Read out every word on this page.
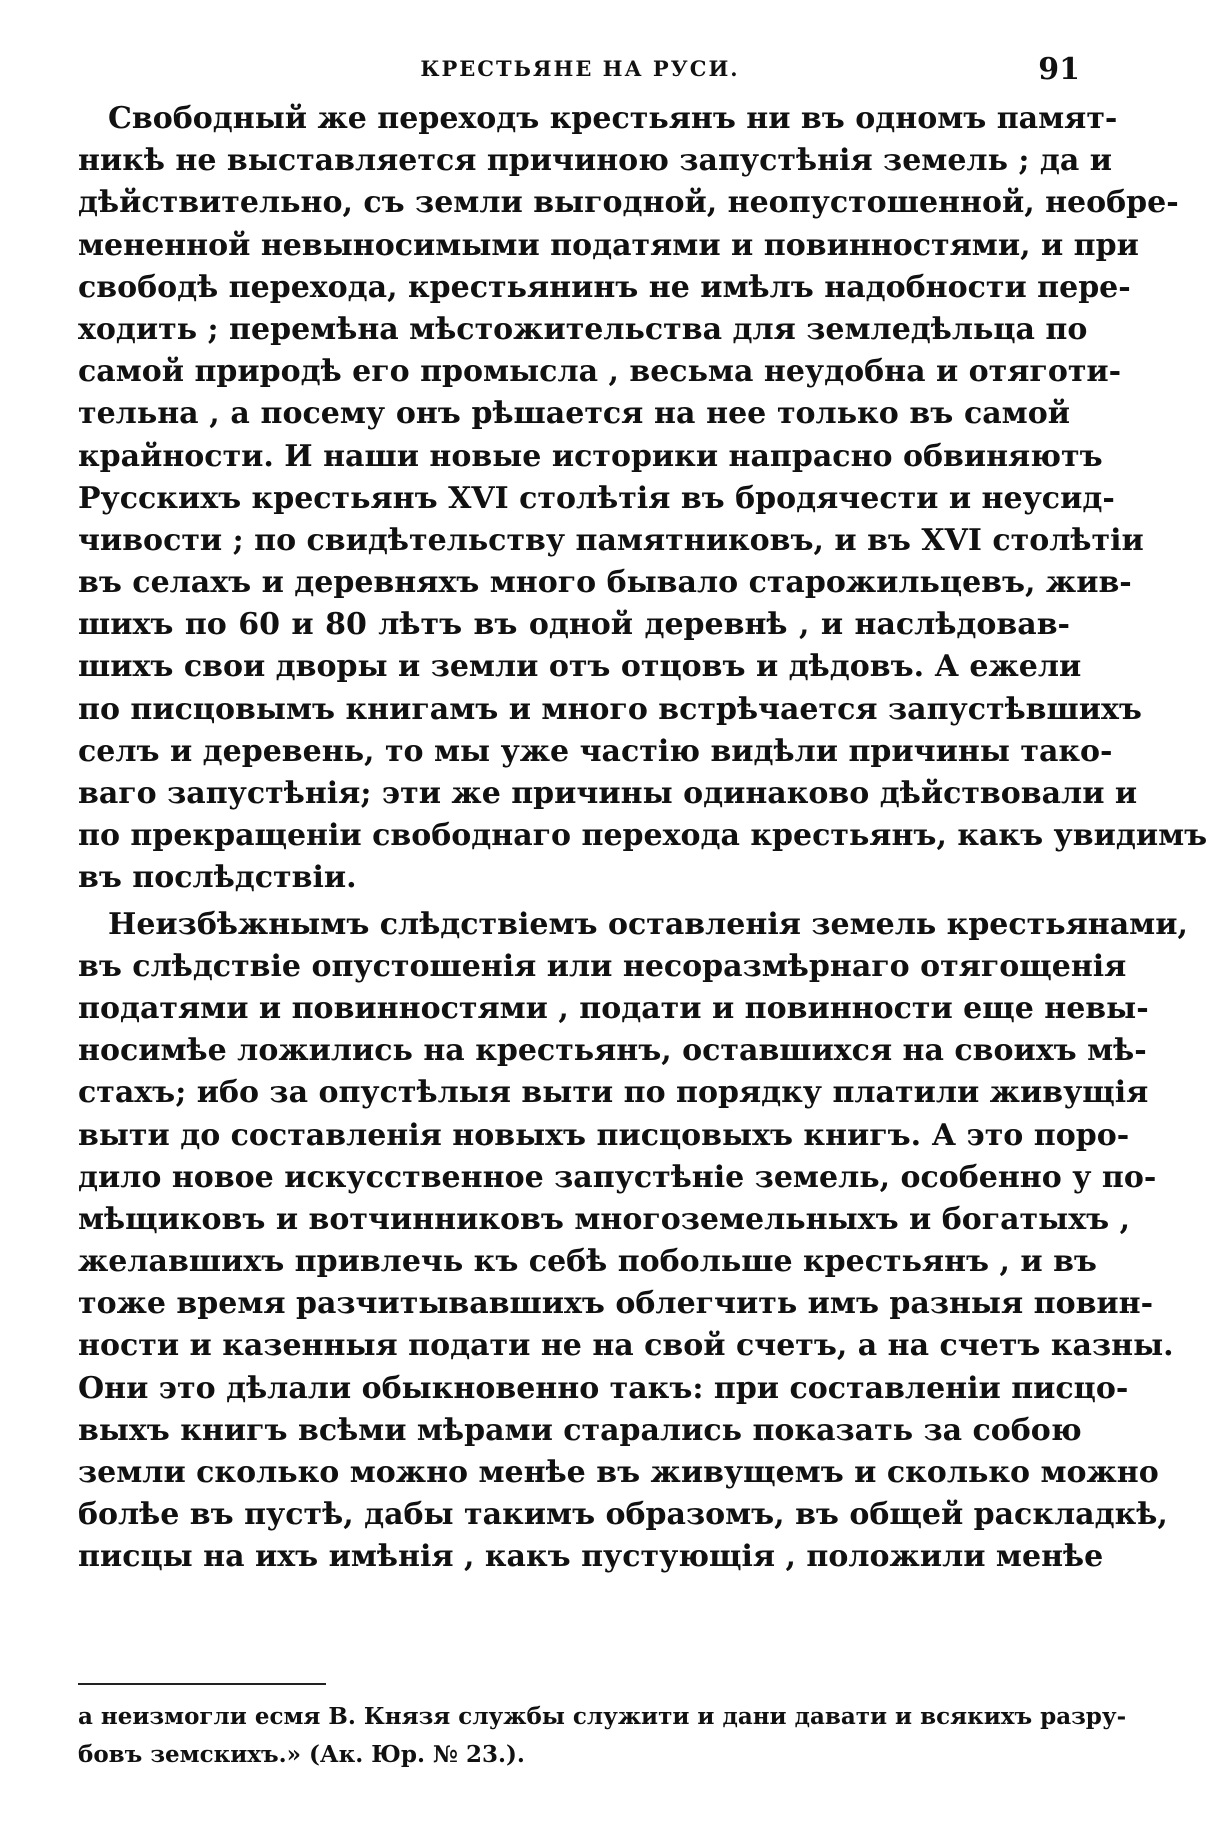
КРЕСТЬЯНЕ НА РУСИ.	91
Свободный же переходъ крестьянъ ни въ одномъ памят-
никѣ не выставляется причиною запустѣнія земель ; да и
дѣйствительно, съ земли выгодной, неопустошенной, необре-
мененной невыносимыми податями и повинностями, и при
свободѣ перехода, крестьянинъ не имѣлъ надобности пере-
ходить ; перемѣна мѣстожительства для земледѣльца по
самой природѣ его промысла , весьма неудобна и отяготи-
тельна , а посему онъ рѣшается на нее только въ самой
крайности. И наши новые историки напрасно обвиняютъ
Русскихъ крестьянъ XVI столѣтія въ бродячести и неусид-
чивости ; по свидѣтельству памятниковъ, и въ XVI столѣтіи
въ селахъ и деревняхъ много бывало старожильцевъ, жив-
шихъ по 60 и 80 лѣтъ въ одной деревнѣ , и наслѣдовав-
шихъ свои дворы и земли отъ отцовъ и дѣдовъ. А ежели
по писцовымъ книгамъ и много встрѣчается запустѣвшихъ
селъ и деревень, то мы уже частію видѣли причины тако-
ваго запустѣнія; эти же причины одинаково дѣйствовали и
по прекращеніи свободнаго перехода крестьянъ, какъ увидимъ
въ послѣдствіи.
Неизбѣжнымъ слѣдствіемъ оставленія земель крестьянами,
въ слѣдствіе опустошенія или несоразмѣрнаго отягощенія
податями и повинностями , подати и повинности еще невы-
носимѣе ложились на крестьянъ, оставшихся на своихъ мѣ-
стахъ; ибо за опустѣлыя выти по порядку платили живущія
выти до составленія новыхъ писцовыхъ книгъ. А это поро-
дило новое искусственное запустѣніе земель, особенно у по-
мѣщиковъ и вотчинниковъ многоземельныхъ и богатыхъ ,
желавшихъ привлечь къ себѣ побольше крестьянъ , и въ
тоже время разчитывавшихъ облегчить имъ разныя повин-
ности и казенныя подати не на свой счетъ, а на счетъ казны.
Они это дѣлали обыкновенно такъ: при составленіи писцо-
выхъ книгъ всѣми мѣрами старались показать за собою
земли сколько можно менѣе въ живущемъ и сколько можно
болѣе въ пустѣ, дабы такимъ образомъ, въ общей раскладкѣ,
писцы на ихъ имѣнія , какъ пустующія , положили менѣе
а неизмогли есмя В. Князя службы служити и дани давати и всякихъ разру-
бовъ земскихъ.» (Ак. Юр. № 23.).
